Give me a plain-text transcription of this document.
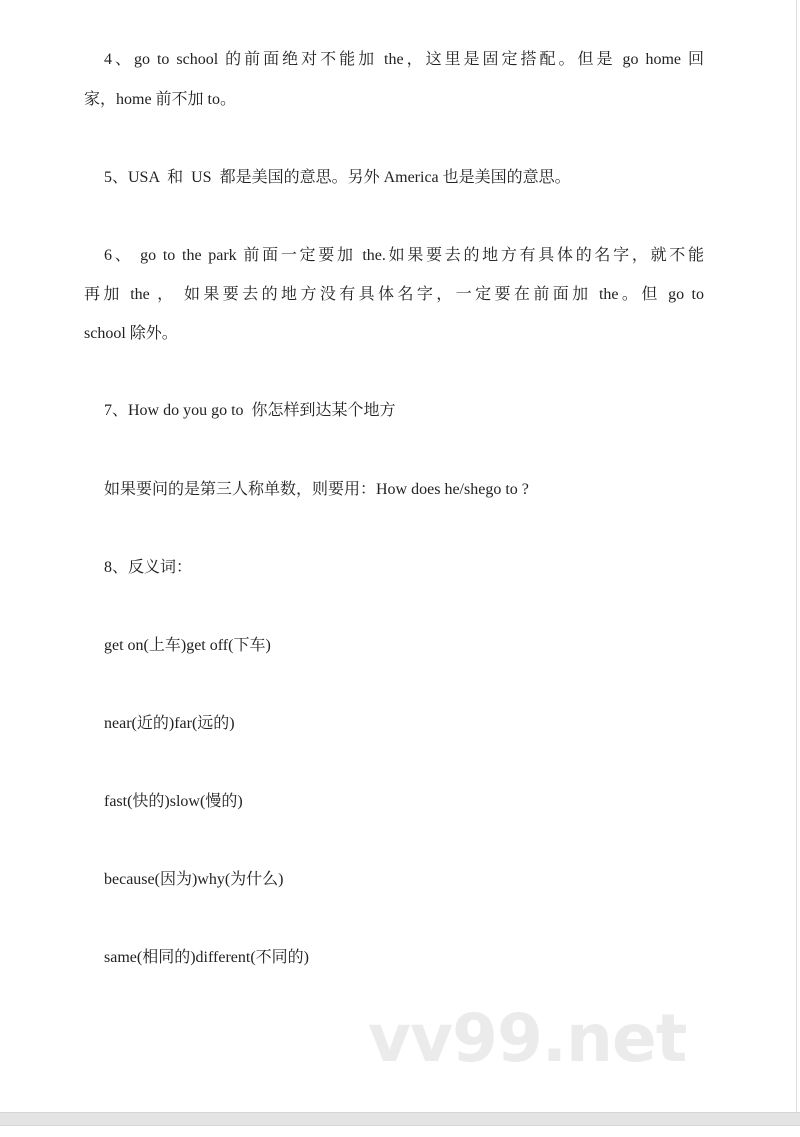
4、go to school 的前面绝对不能加 the，这里是固定搭配。但是 go home 回
家，home 前不加 to。
5、USA  和  US  都是美国的意思。另外 America 也是美国的意思。
6、 go to the park 前面一定要加 the.如果要去的地方有具体的名字，就不能
再加 the ， 如果要去的地方没有具体名字，一定要在前面加 the。但 go to
school 除外。
7、How do you go to  你怎样到达某个地方
如果要问的是第三人称单数，则要用：How does he/shego to ?
8、反义词：
get on(上车)get off(下车)
near(近的)far(远的)
fast(快的)slow(慢的)
because(因为)why(为什么)
same(相同的)different(不同的)
vv99.net
